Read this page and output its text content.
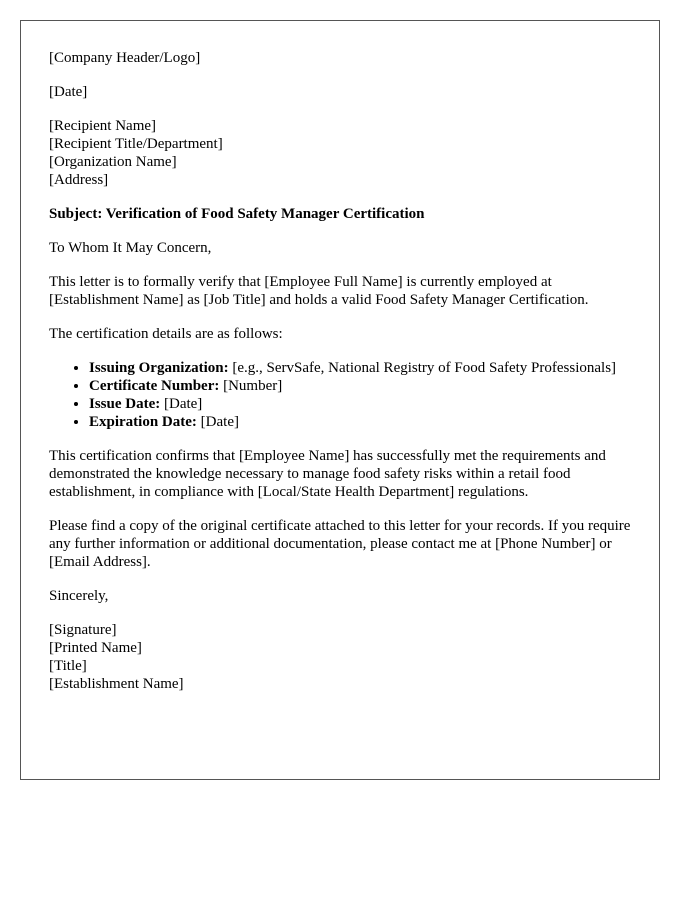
[Company Header/Logo]
[Date]
[Recipient Name]
[Recipient Title/Department]
[Organization Name]
[Address]
Subject: Verification of Food Safety Manager Certification

To Whom It May Concern,

This letter is to formally verify that [Employee Full Name] is currently employed at [Establishment Name] as [Job Title] and holds a valid Food Safety Manager Certification.

The certification details are as follows:

• Issuing Organization: [e.g., ServSafe, National Registry of Food Safety Professionals]
• Certificate Number: [Number]
• Issue Date: [Date]
• Expiration Date: [Date]

This certification confirms that [Employee Name] has successfully met the requirements and demonstrated the knowledge necessary to manage food safety risks within a retail food establishment, in compliance with [Local/State Health Department] regulations.

Please find a copy of the original certificate attached to this letter for your records. If you require any further information or additional documentation, please contact me at [Phone Number] or [Email Address].

Sincerely,

[Signature]
[Printed Name]
[Title]
[Establishment Name]
